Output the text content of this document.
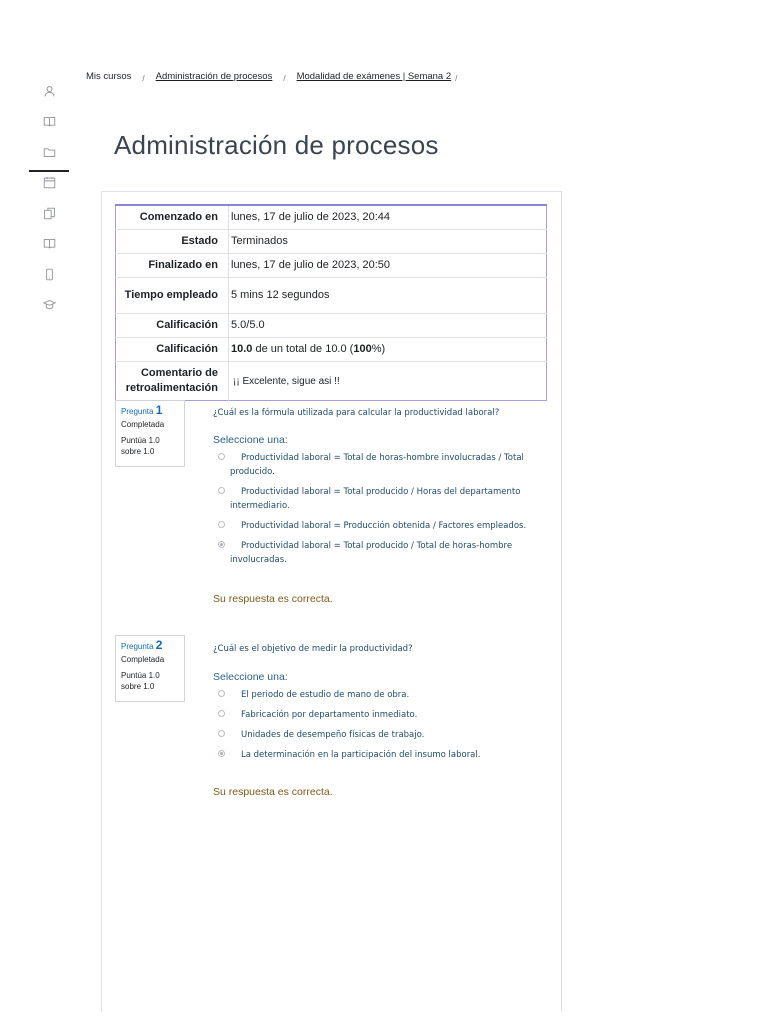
Mis cursos / Administración de procesos / Modalidad de exámenes | Semana 2 /
Administración de procesos
Comenzado en	lunes, 17 de julio de 2023, 20:44
Estado	Terminados
Finalizado en	lunes, 17 de julio de 2023, 20:50
Tiempo empleado	5 mins 12 segundos
Calificación	5.0/5.0
Calificación	10.0 de un total de 10.0 (100%)
Comentario de retroalimentación	¡¡ Excelente, sigue asi !!
Pregunta 1
Completada
Puntúa 1.0
sobre 1.0
¿Cuál es la fórmula utilizada para calcular la productividad laboral?
Seleccione una:
Productividad laboral = Total de horas-hombre involucradas / Total producido.
Productividad laboral = Total producido / Horas del departamento intermediario.
Productividad laboral = Producción obtenida / Factores empleados.
Productividad laboral = Total producido / Total de horas-hombre involucradas.
Su respuesta es correcta.
Pregunta 2
Completada
Puntúa 1.0
sobre 1.0
¿Cuál es el objetivo de medir la productividad?
Seleccione una:
El periodo de estudio de mano de obra.
Fabricación por departamento inmediato.
Unidades de desempeño físicas de trabajo.
La determinación en la participación del insumo laboral.
Su respuesta es correcta.
